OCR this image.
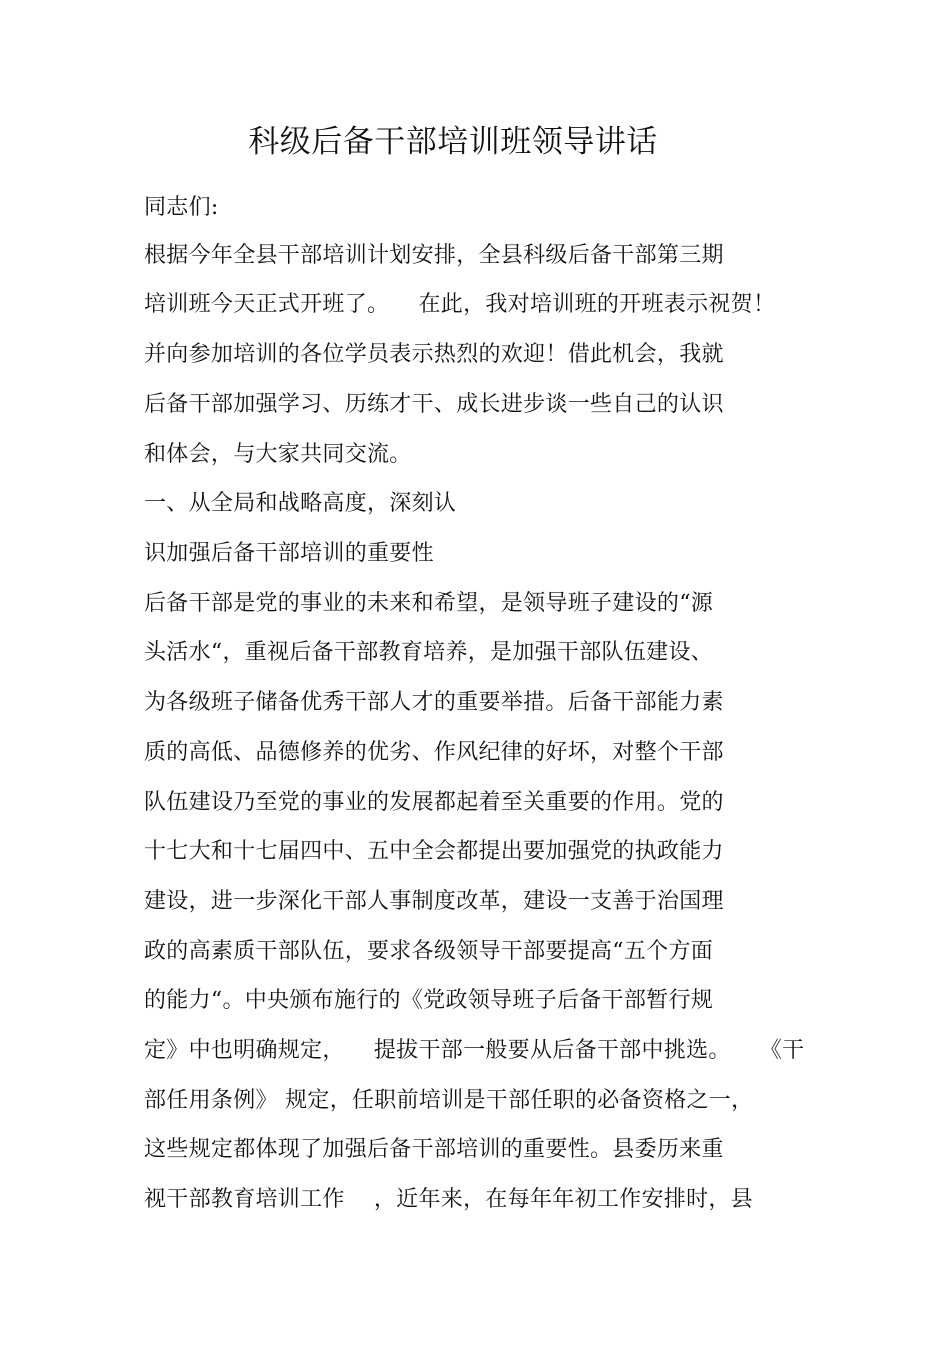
科级后备干部培训班领导讲话
同志们:
根据今年全县干部培训计划安排，全县科级后备干部第三期
培训班今天正式开班了。    在此，我对培训班的开班表示祝贺！
并向参加培训的各位学员表示热烈的欢迎！借此机会，我就
后备干部加强学习、历练才干、成长进步谈一些自己的认识
和体会，与大家共同交流。
一、从全局和战略高度，深刻认
识加强后备干部培训的重要性
后备干部是党的事业的未来和希望，是领导班子建设的“源
头活水“，重视后备干部教育培养，是加强干部队伍建设、
为各级班子储备优秀干部人才的重要举措。后备干部能力素
质的高低、品德修养的优劣、作风纪律的好坏，对整个干部
队伍建设乃至党的事业的发展都起着至关重要的作用。党的
十七大和十七届四中、五中全会都提出要加强党的执政能力
建设，进一步深化干部人事制度改革，建设一支善于治国理
政的高素质干部队伍，要求各级领导干部要提高“五个方面
的能力“。中央颁布施行的《党政领导班子后备干部暂行规
定》中也明确规定，    提拔干部一般要从后备干部中挑选。    《干
部任用条例》 规定，任职前培训是干部任职的必备资格之一，
这些规定都体现了加强后备干部培训的重要性。县委历来重
视干部教育培训工作    ，近年来，在每年年初工作安排时，县
